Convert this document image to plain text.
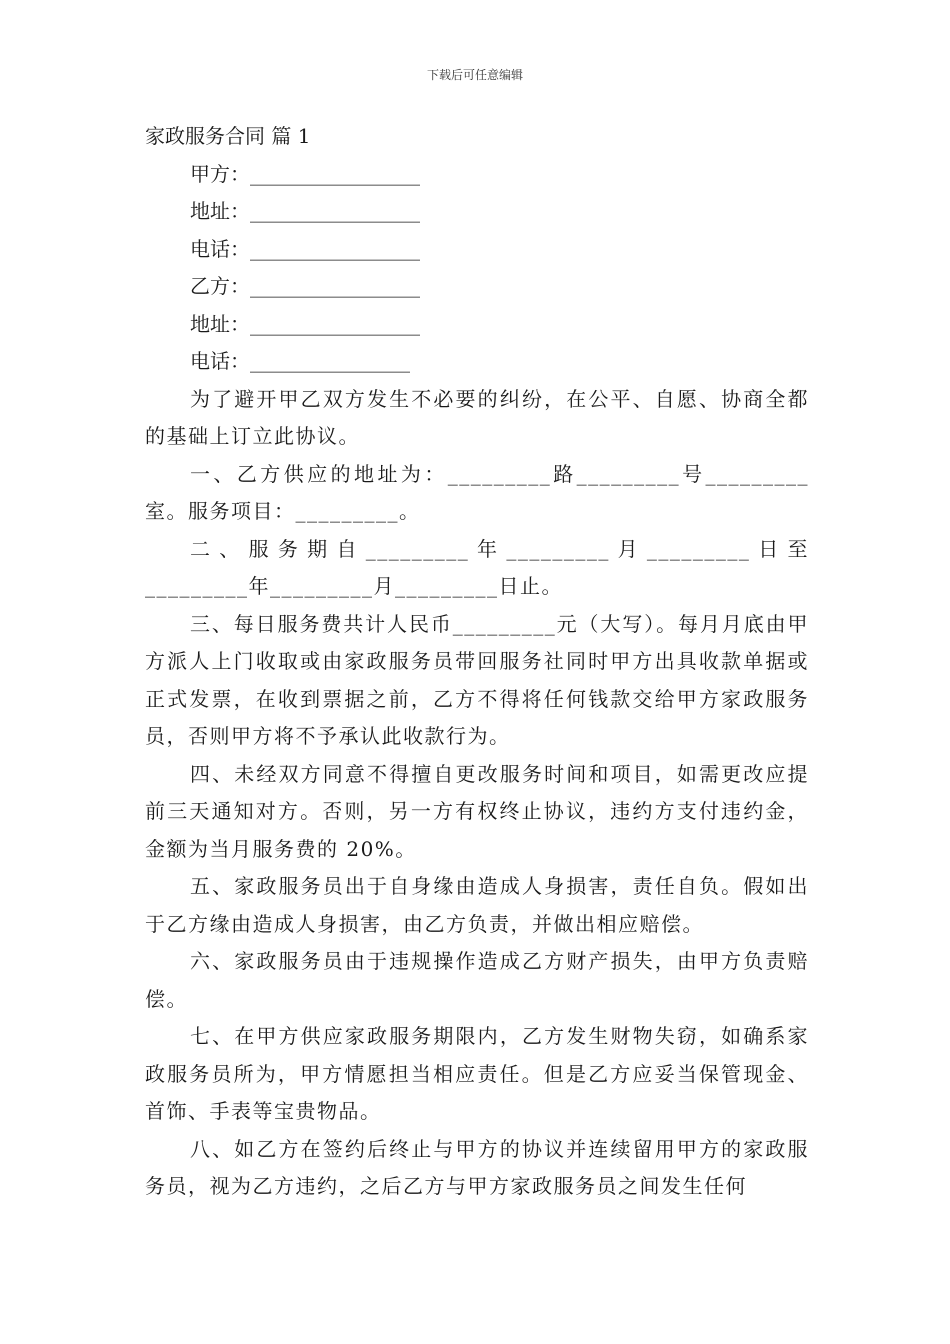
下载后可任意编辑
家政服务合同 篇 1
甲方：_________________
地址：_________________
电话：_________________
乙方：_________________
地址：_________________
电话：________________
为了避开甲乙双方发生不必要的纠纷，在公平、自愿、协商全都的基础上订立此协议。
一、乙方供应的地址为：_________路_________号_________室。服务项目：_________。
二、服务期自_________年_________月_________日至_________年_________月_________日止。
三、每日服务费共计人民币_________元（大写）。每月月底由甲方派人上门收取或由家政服务员带回服务社同时甲方出具收款单据或正式发票，在收到票据之前，乙方不得将任何钱款交给甲方家政服务员，否则甲方将不予承认此收款行为。
四、未经双方同意不得擅自更改服务时间和项目，如需更改应提前三天通知对方。否则，另一方有权终止协议，违约方支付违约金，金额为当月服务费的 20%。
五、家政服务员出于自身缘由造成人身损害，责任自负。假如出于乙方缘由造成人身损害，由乙方负责，并做出相应赔偿。
六、家政服务员由于违规操作造成乙方财产损失，由甲方负责赔偿。
七、在甲方供应家政服务期限内，乙方发生财物失窃，如确系家政服务员所为，甲方情愿担当相应责任。但是乙方应妥当保管现金、首饰、手表等宝贵物品。
八、如乙方在签约后终止与甲方的协议并连续留用甲方的家政服务员，视为乙方违约，之后乙方与甲方家政服务员之间发生任何
